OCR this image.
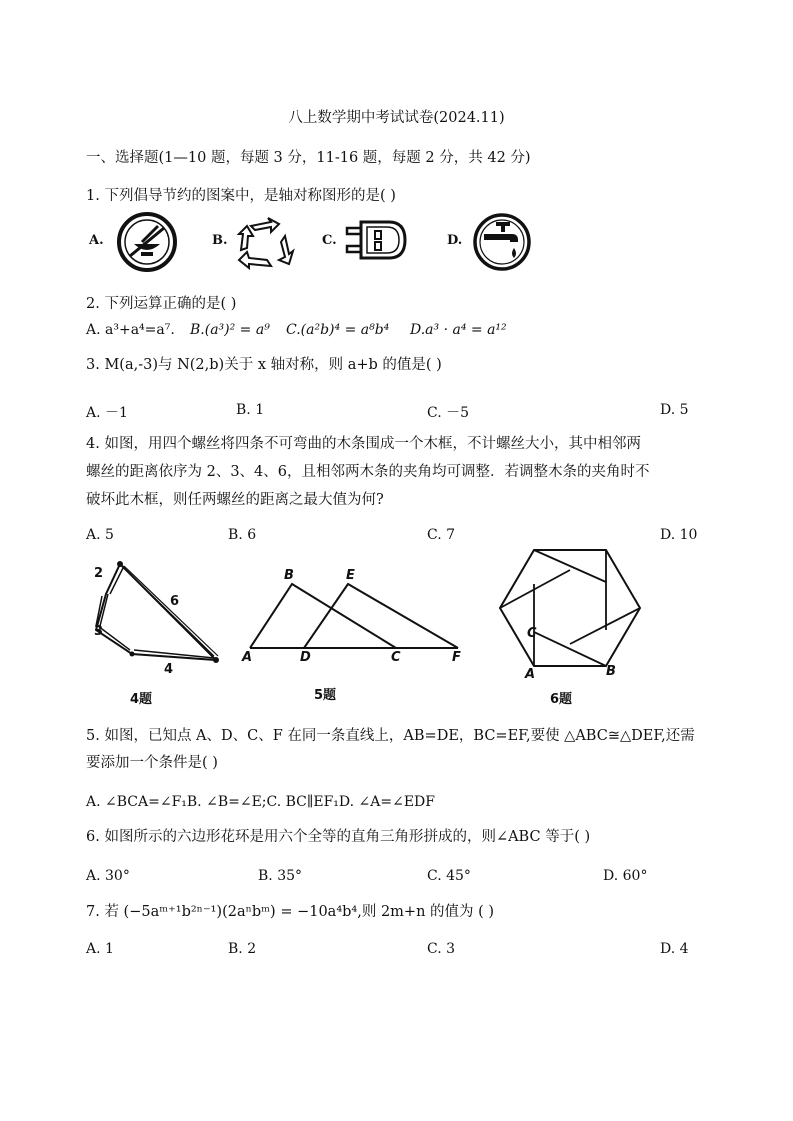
八上数学期中考试试卷(2024.11)
一、选择题(1—10 题，每题 3 分，11-16 题，每题 2 分，共 42 分)
1. 下列倡导节约的图案中，是轴对称图形的是( )
A.	B.	C.	D.
2. 下列运算正确的是( )
A. a³+a⁴=a⁷. B.(a³)² = a⁹ C.(a²b)⁴ = a⁸b⁴ D.a³ · a⁴ = a¹²
3. M(a,-3)与 N(2,b)关于 x 轴对称，则 a+b 的值是( )
A. －1	B. 1	C. －5	D. 5
4. 如图，用四个螺丝将四条不可弯曲的木条围成一个木框，不计螺丝大小，其中相邻两
螺丝的距离依序为 2、3、4、6，且相邻两木条的夹角均可调整．若调整木条的夹角时不
破坏此木框，则任两螺丝的距离之最大值为何?
A. 5	B. 6	C. 7	D. 10
2
6
3
4
4题
B	E
A	D	C	F
5题
C
A	B
6题
5. 如图，已知点 A、D、C、F 在同一条直线上，AB=DE，BC=EF,要使 △ABC≅△DEF,还需
要添加一个条件是( )
A. ∠BCA=∠F₁B. ∠B=∠E;C. BC∥EF₁D. ∠A=∠EDF
6. 如图所示的六边形花环是用六个全等的直角三角形拼成的，则∠ABC 等于( )
A. 30°	B. 35°	C. 45°	D. 60°
7. 若 (−5aᵐ⁺¹b²ⁿ⁻¹)(2aⁿbᵐ) = −10a⁴b⁴,则 2m+n 的值为 ( )
A. 1	B. 2	C. 3	D. 4
